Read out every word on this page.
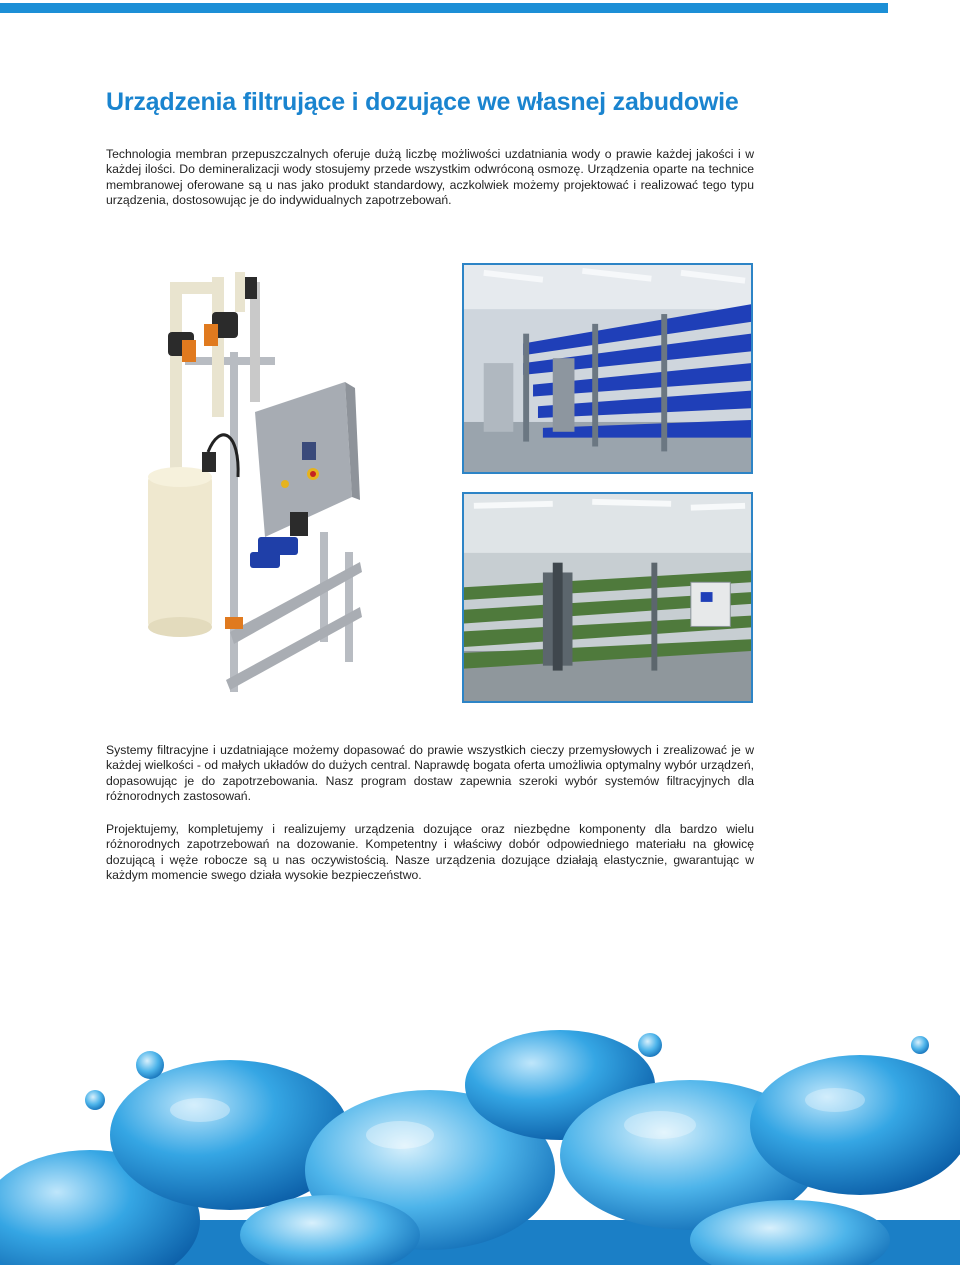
Urządzenia filtrujące i dozujące we własnej zabudowie

Technologia membran przepuszczalnych oferuje dużą liczbę możliwości uzdatniania wody o prawie każdej jakości i w każdej ilości. Do demineralizacji wody stosujemy przede wszystkim odwróconą osmozę. Urządzenia oparte na technice membranowej oferowane są u nas jako produkt standardowy, aczkolwiek możemy projektować i realizować tego typu urządzenia, dostosowując je do indywidualnych zapotrzebowań.

Systemy filtracyjne i uzdatniające możemy dopasować do prawie wszystkich cieczy przemysłowych i zrealizować je w każdej wielkości - od małych układów do dużych central. Naprawdę bogata oferta umożliwia optymalny wybór urządzeń, dopasowując je do zapotrzebowania. Nasz program dostaw zapewnia szeroki wybór systemów filtracyjnych dla różnorodnych zastosowań.

Projektujemy, kompletujemy i realizujemy urządzenia dozujące oraz niezbędne komponenty dla bardzo wielu różnorodnych zapotrzebowań na dozowanie. Kompetentny i właściwy dobór odpowiedniego materiału na głowicę dozującą i węże robocze są u nas oczywistością. Nasze urządzenia dozujące działają elastycznie, gwarantując w każdym momencie swego działa wysokie bezpieczeństwo.
